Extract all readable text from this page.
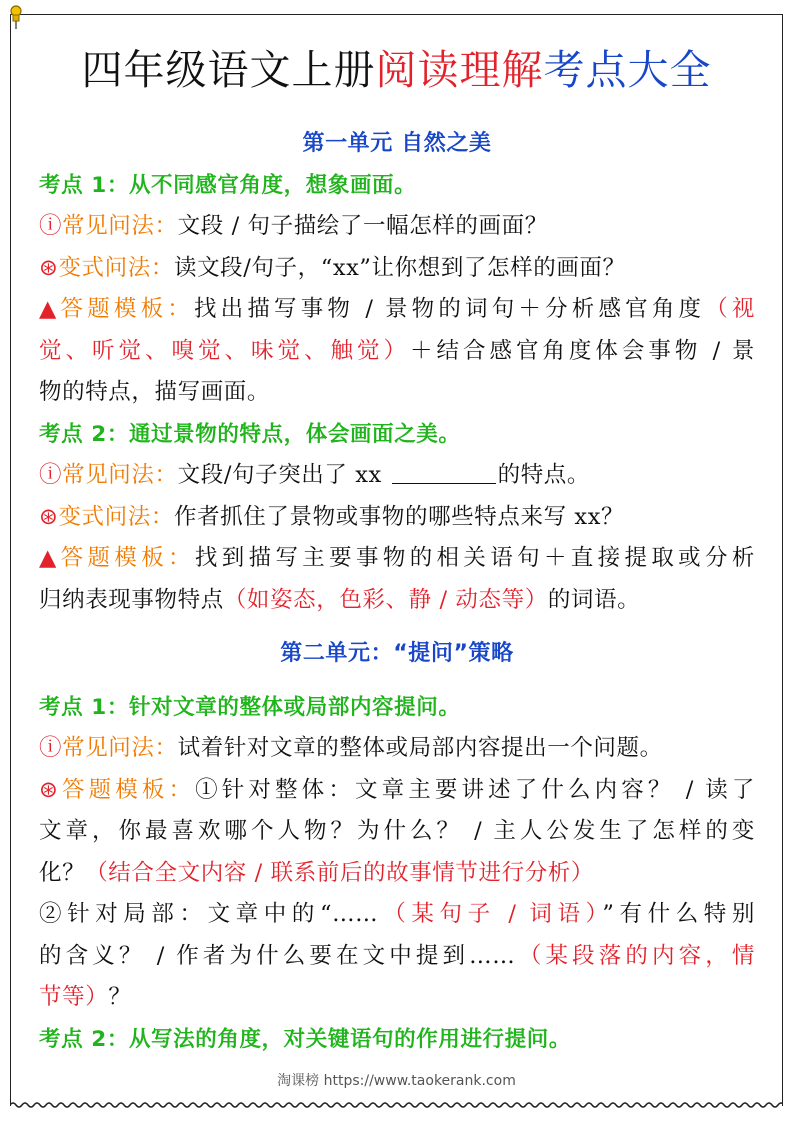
四年级语文上册阅读理解考点大全
第一单元 自然之美
考点 1：从不同感官角度，想象画面。
ⓘ常见问法：文段 / 句子描绘了一幅怎样的画面？
⊛变式问法：读文段/句子，“xx”让你想到了怎样的画面？
▲答题模板：找出描写事物 / 景物的词句＋分析感官角度（视
觉、听觉、嗅觉、味觉、触觉）＋结合感官角度体会事物 / 景
物的特点，描写画面。
考点 2：通过景物的特点，体会画面之美。
ⓘ常见问法：文段/句子突出了 xx	的特点。
⊛变式问法：作者抓住了景物或事物的哪些特点来写 xx？
▲答题模板：找到描写主要事物的相关语句＋直接提取或分析
归纳表现事物特点（如姿态，色彩、静 / 动态等）的词语。
第二单元：“提问”策略
考点 1：针对文章的整体或局部内容提问。
ⓘ常见问法：试着针对文章的整体或局部内容提出一个问题。
⊛答题模板：①针对整体：文章主要讲述了什么内容？ / 读了
文章，你最喜欢哪个人物？为什么？ / 主人公发生了怎样的变
化？（结合全文内容 / 联系前后的故事情节进行分析）
②针对局部：文章中的“……（某句子 / 词语）”有什么特别
的含义？ / 作者为什么要在文中提到……（某段落的内容，情
节等）？
考点 2：从写法的角度，对关键语句的作用进行提问。
淘课榜 https://www.taokerank.com
